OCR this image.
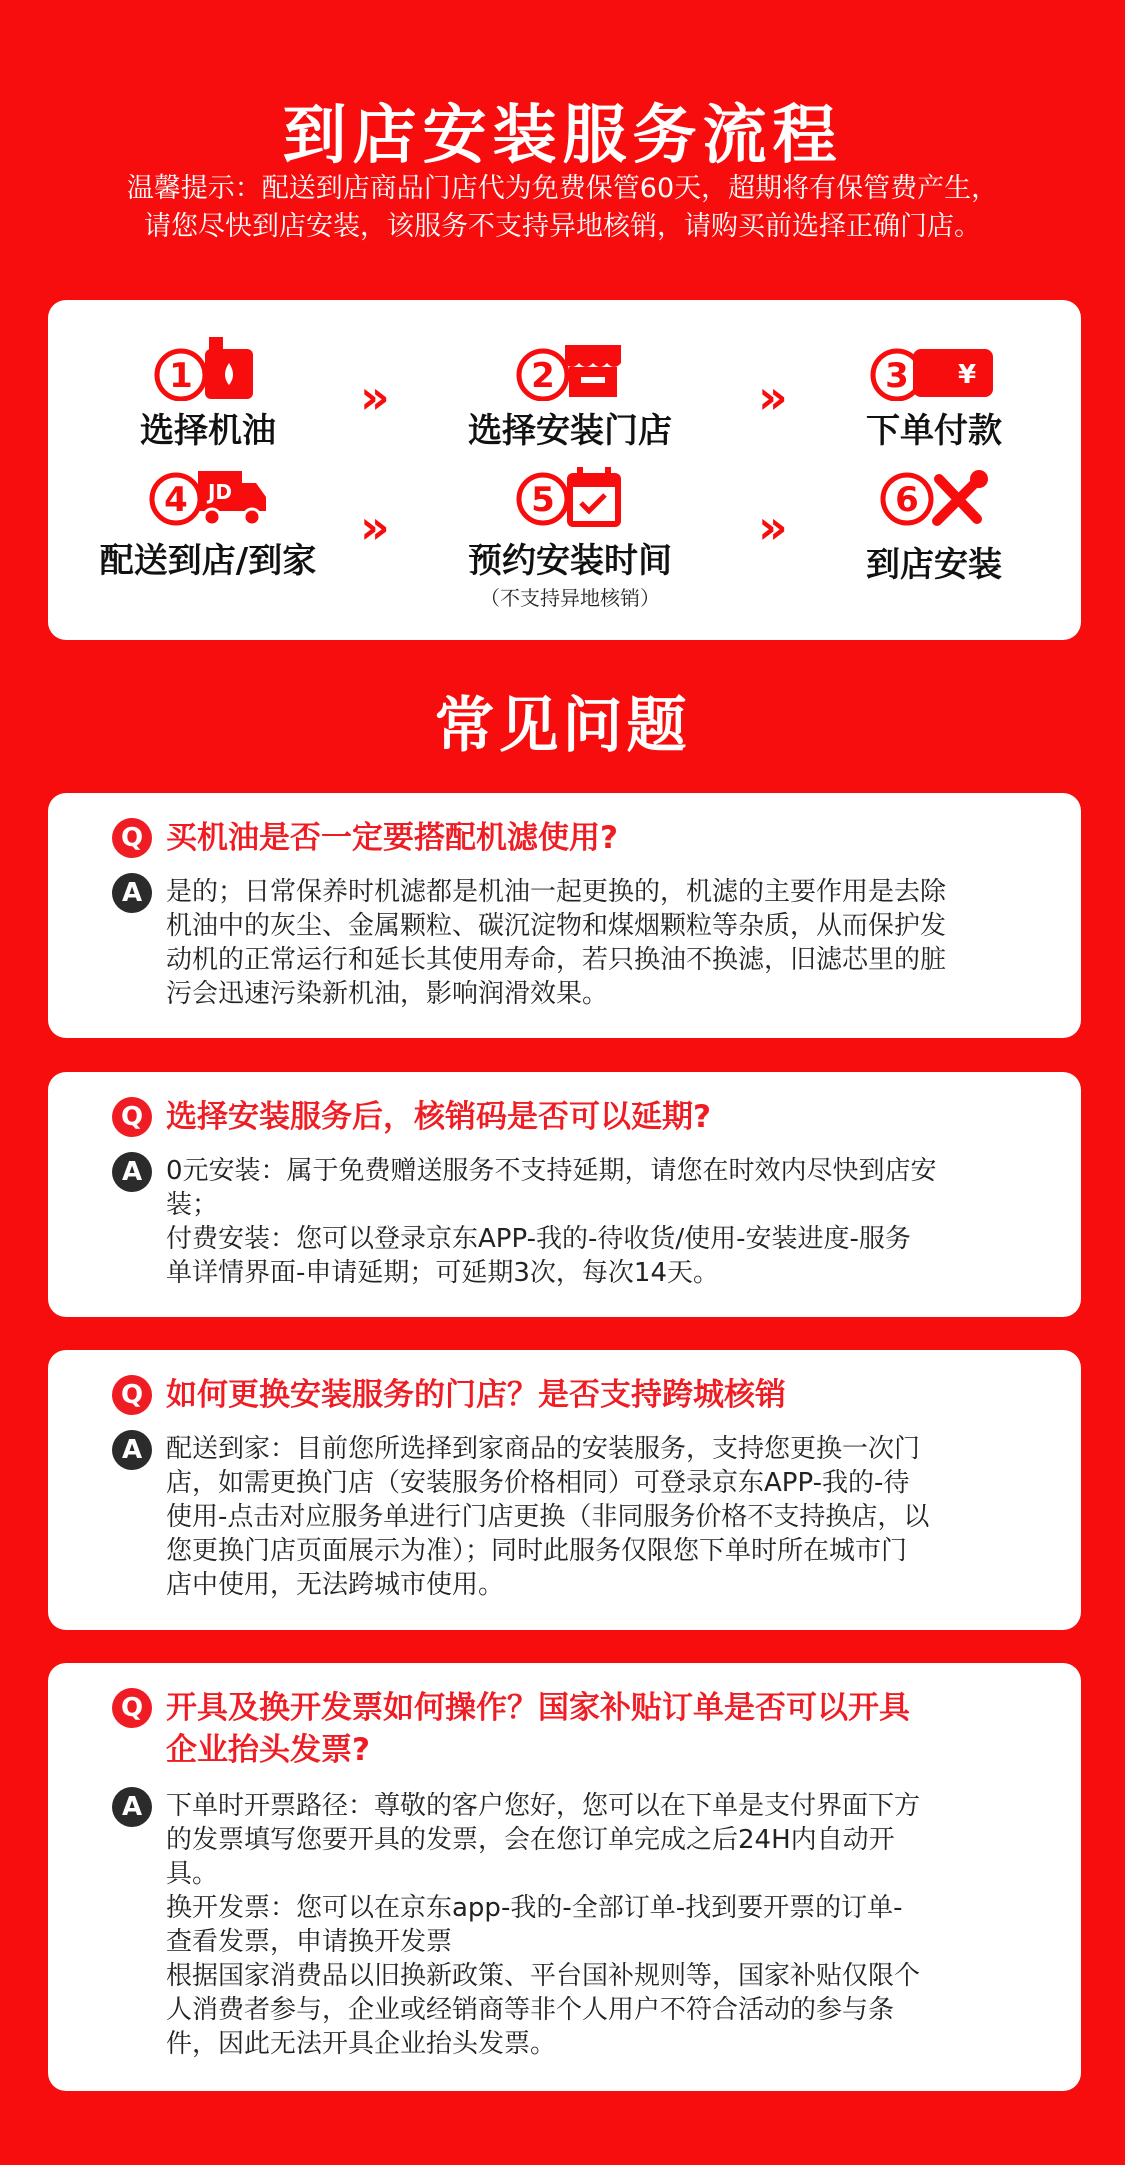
到店安装服务流程
温馨提示：配送到店商品门店代为免费保管60天，超期将有保管费产生，
请您尽快到店安装，该服务不支持异地核销，请购买前选择正确门店。
1
选择机油
»	2
选择安装门店
»	3 ¥
下单付款
4 JD
配送到店/到家
»	5
预约安装时间
（不支持异地核销）
»	6
到店安装
常见问题
Q 买机油是否一定要搭配机滤使用?
A 是的；日常保养时机滤都是机油一起更换的，机滤的主要作用是去除
机油中的灰尘、金属颗粒、碳沉淀物和煤烟颗粒等杂质，从而保护发
动机的正常运行和延长其使用寿命，若只换油不换滤，旧滤芯里的脏
污会迅速污染新机油，影响润滑效果。
Q 选择安装服务后，核销码是否可以延期?
A 0元安装：属于免费赠送服务不支持延期，请您在时效内尽快到店安
装；
付费安装：您可以登录京东APP-我的-待收货/使用-安装进度-服务
单详情界面-申请延期；可延期3次，每次14天。
Q 如何更换安装服务的门店？是否支持跨城核销
A 配送到家：目前您所选择到家商品的安装服务，支持您更换一次门
店，如需更换门店（安装服务价格相同）可登录京东APP-我的-待
使用-点击对应服务单进行门店更换（非同服务价格不支持换店，以
您更换门店页面展示为准）；同时此服务仅限您下单时所在城市门
店中使用，无法跨城市使用。
Q 开具及换开发票如何操作？国家补贴订单是否可以开具
企业抬头发票?
A 下单时开票路径：尊敬的客户您好，您可以在下单是支付界面下方
的发票填写您要开具的发票，会在您订单完成之后24H内自动开
具。
换开发票：您可以在京东app-我的-全部订单-找到要开票的订单-
查看发票，申请换开发票
根据国家消费品以旧换新政策、平台国补规则等，国家补贴仅限个
人消费者参与，企业或经销商等非个人用户不符合活动的参与条
件，因此无法开具企业抬头发票。
